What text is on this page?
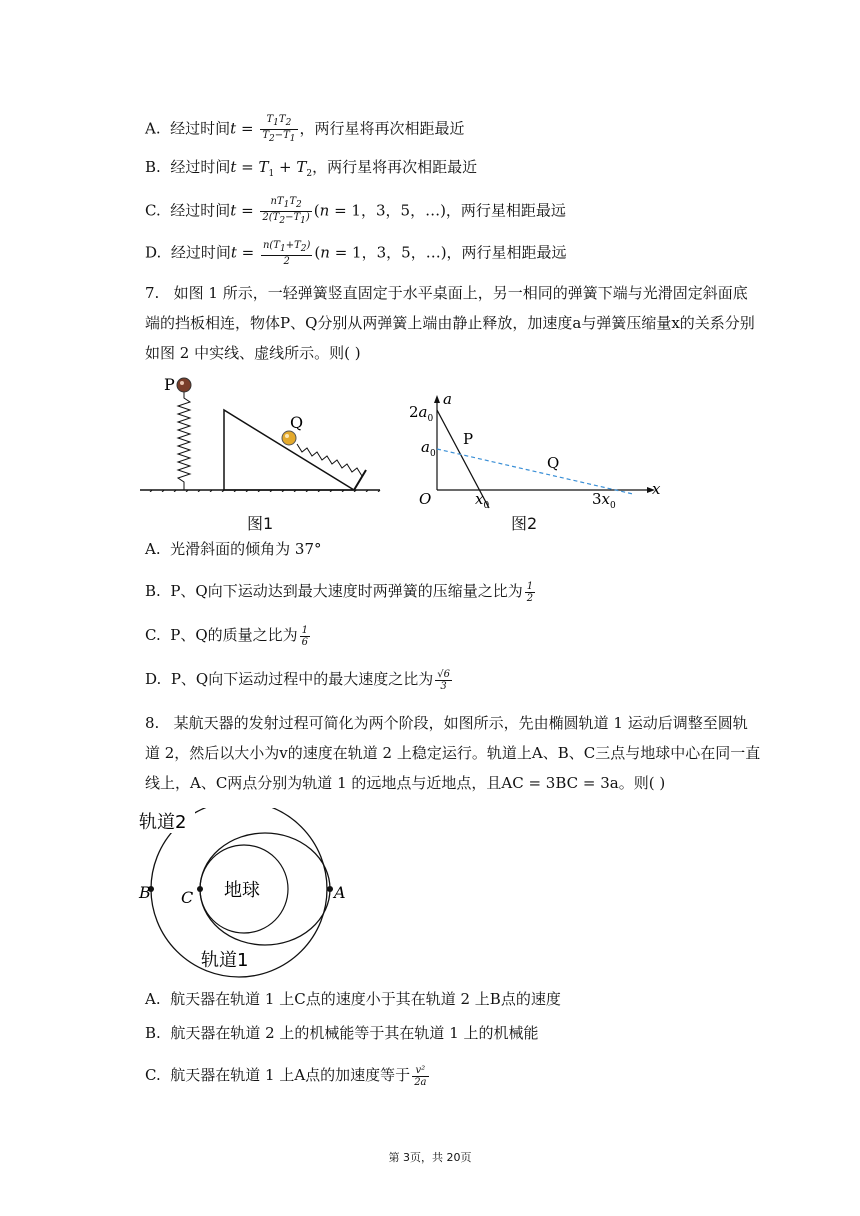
A. 经过时间$t = \frac{T_1T_2}{T_2-T_1}$ ，两行星将再次相距最近
B. 经过时间$t = T_1 + T_2$，两行星将再次相距最近
C. 经过时间$t = \frac{nT_1T_2}{2(T_2-T_1)} (n = 1$，3，5，…)，两行星相距最远
D. 经过时间$t = \frac{n(T_1+T_2)}{2} (n = 1$，3，5，…)，两行星相距最远
7. 如图 1 所示，一轻弹簧竖直固定于水平桌面上，另一相同的弹簧下端与光滑固定斜面底
端的挡板相连，物体P、Q分别从两弹簧上端由静止释放，加速度a与弹簧压缩量x的关系分别
如图 2 中实线、虚线所示。则( )
P
Q
图1
a
x
O
$2a_0$
$a_0$
P
Q
$x_0$	$3x_0$
图2
A. 光滑斜面的倾角为 37°
B. P、Q向下运动达到最大速度时两弹簧的压缩量之比为 $\frac{1}{2}$
C. P、Q的质量之比为 $\frac{1}{6}$
D. P、Q向下运动过程中的最大速度之比为 $\frac{√6}{3}$
8. 某航天器的发射过程可简化为两个阶段，如图所示，先由椭圆轨道 1 运动后调整至圆轨
道 2，然后以大小为v的速度在轨道 2 上稳定运行。轨道上A、B、C三点与地球中心在同一直
线上，A、C两点分别为轨道 1 的远地点与近地点，且AC = 3BC = 3a。则( )
地球	A
B C
轨道2
轨道1
A. 航天器在轨道 1 上C点的速度小于其在轨道 2 上B点的速度
B. 航天器在轨道 2 上的机械能等于其在轨道 1 上的机械能
C. 航天器在轨道 1 上A点的加速度等于 $\frac{\text{v²}}{2a}$
第 3页，共 20页
